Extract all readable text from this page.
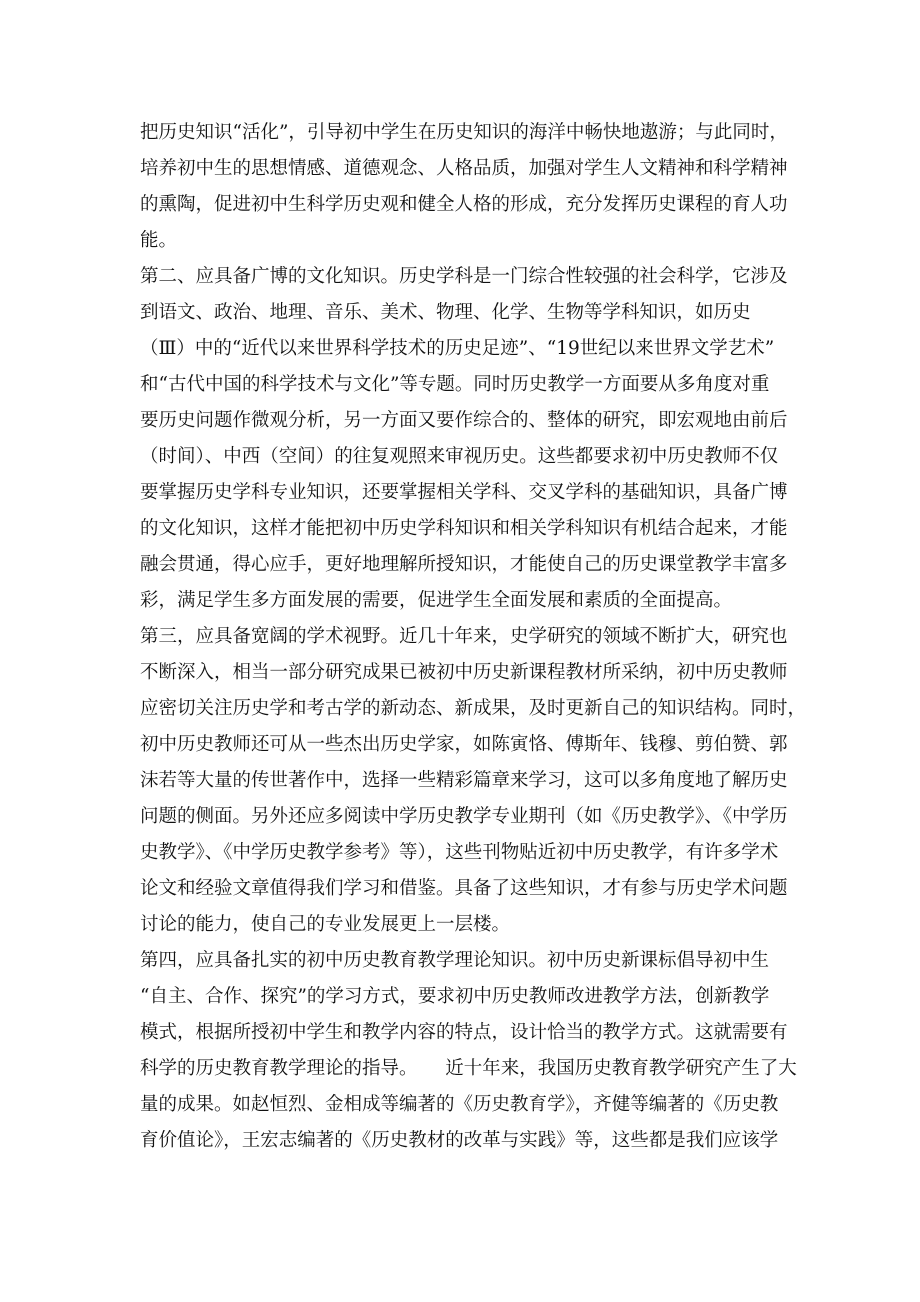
把历史知识“活化”，引导初中学生在历史知识的海洋中畅快地遨游；与此同时，
培养初中生的思想情感、道德观念、人格品质，加强对学生人文精神和科学精神
的熏陶，促进初中生科学历史观和健全人格的形成，充分发挥历史课程的育人功
能。
第二、应具备广博的文化知识。历史学科是一门综合性较强的社会科学，它涉及
到语文、政治、地理、音乐、美术、物理、化学、生物等学科知识，如历史
（Ⅲ）中的“近代以来世界科学技术的历史足迹”、“19世纪以来世界文学艺术”
和“古代中国的科学技术与文化”等专题。同时历史教学一方面要从多角度对重
要历史问题作微观分析，另一方面又要作综合的、整体的研究，即宏观地由前后
（时间）、中西（空间）的往复观照来审视历史。这些都要求初中历史教师不仅
要掌握历史学科专业知识，还要掌握相关学科、交叉学科的基础知识，具备广博
的文化知识，这样才能把初中历史学科知识和相关学科知识有机结合起来，才能
融会贯通，得心应手，更好地理解所授知识，才能使自己的历史课堂教学丰富多
彩，满足学生多方面发展的需要，促进学生全面发展和素质的全面提高。
第三，应具备宽阔的学术视野。近几十年来，史学研究的领域不断扩大，研究也
不断深入，相当一部分研究成果已被初中历史新课程教材所采纳，初中历史教师
应密切关注历史学和考古学的新动态、新成果，及时更新自己的知识结构。同时，
初中历史教师还可从一些杰出历史学家，如陈寅恪、傅斯年、钱穆、剪伯赞、郭
沫若等大量的传世著作中，选择一些精彩篇章来学习，这可以多角度地了解历史
问题的侧面。另外还应多阅读中学历史教学专业期刊（如《历史教学》、《中学历
史教学》、《中学历史教学参考》等），这些刊物贴近初中历史教学，有许多学术
论文和经验文章值得我们学习和借鉴。具备了这些知识，才有参与历史学术问题
讨论的能力，使自己的专业发展更上一层楼。
第四，应具备扎实的初中历史教育教学理论知识。初中历史新课标倡导初中生
“自主、合作、探究”的学习方式，要求初中历史教师改进教学方法，创新教学
模式，根据所授初中学生和教学内容的特点，设计恰当的教学方式。这就需要有
科学的历史教育教学理论的指导。　　近十年来，我国历史教育教学研究产生了大
量的成果。如赵恒烈、金相成等编著的《历史教育学》，齐健等编著的《历史教
育价值论》，王宏志编著的《历史教材的改革与实践》等，这些都是我们应该学
